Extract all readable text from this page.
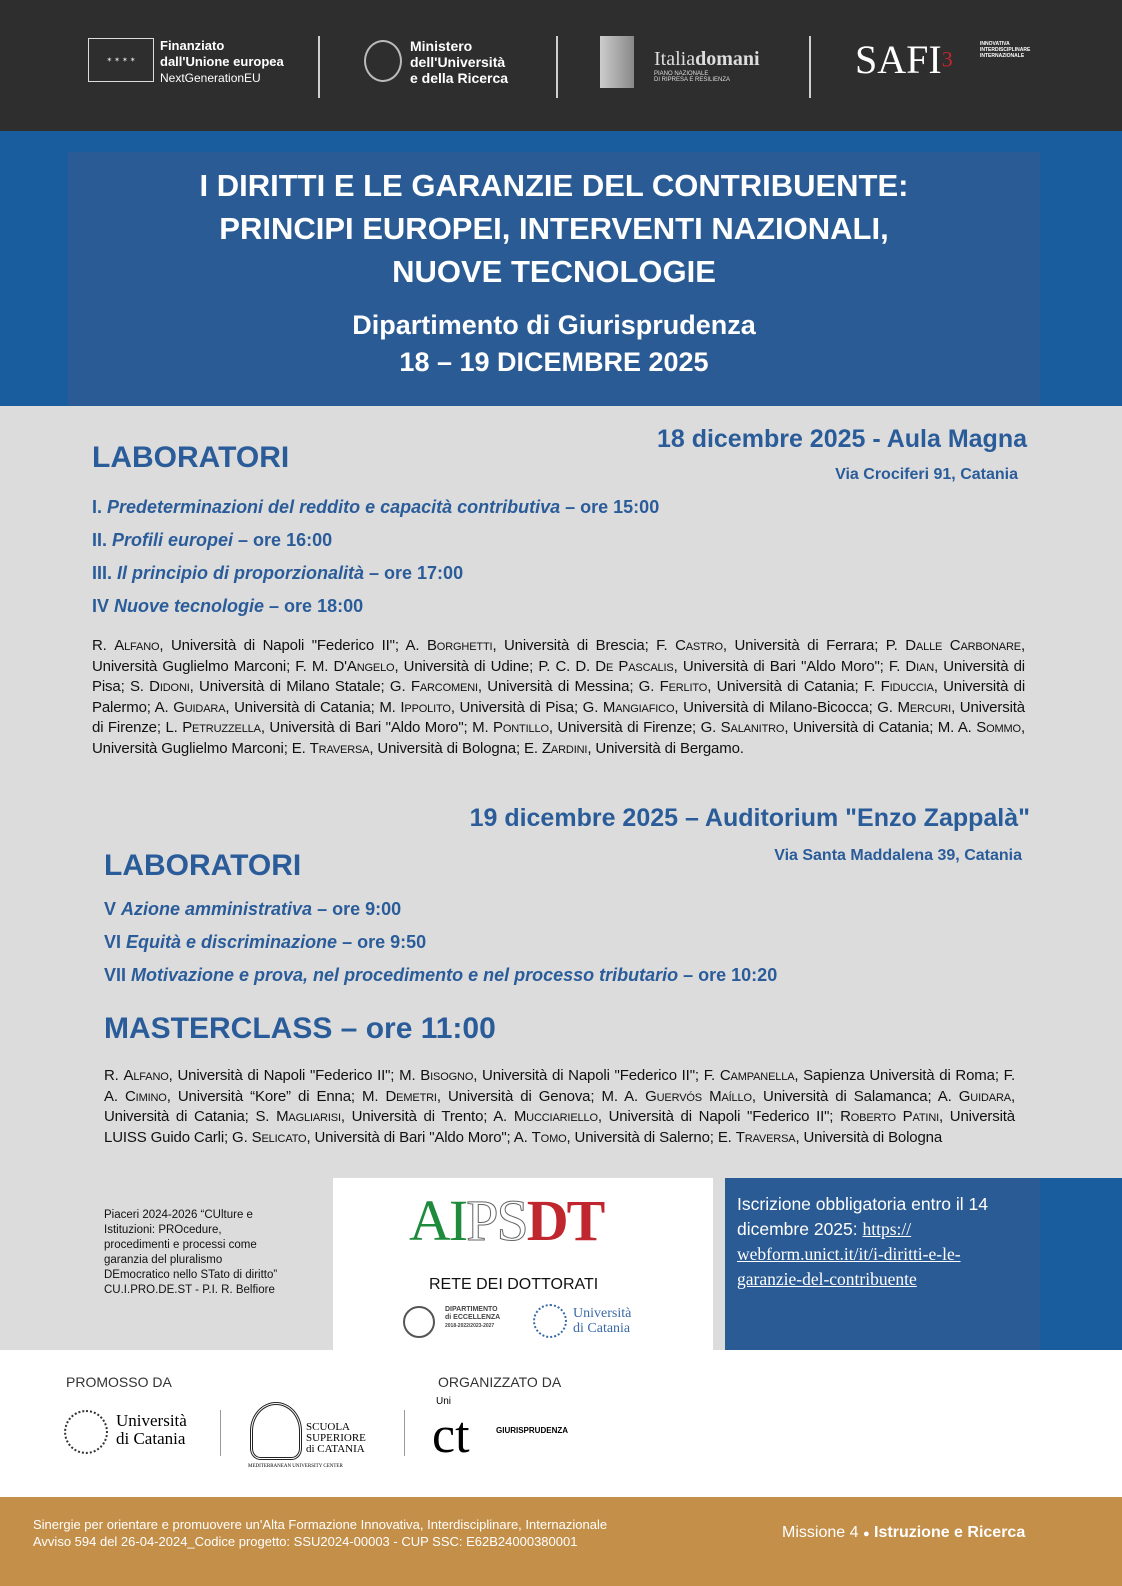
✶ ✶ ✶ ✶
Finanziato
dall'Unione europea
NextGenerationEU
Ministero
dell'Università
e della Ricerca
Italiadomani
PIANO NAZIONALE
DI RIPRESA E RESILIENZA	SAFI$^3$
INNOVATIVA
INTERDISCIPLINARE
INTERNAZIONALE
I DIRITTI E LE GARANZIE DEL CONTRIBUENTE:
PRINCIPI EUROPEI, INTERVENTI NAZIONALI,
NUOVE TECNOLOGIE
Dipartimento di Giurisprudenza
18 – 19 DICEMBRE 2025
18 dicembre 2025 - Aula Magna
Via Crociferi 91, Catania
LABORATORI
I. Predeterminazioni del reddito e capacità contributiva – ore 15:00
II. Profili europei – ore 16:00
III. Il principio di proporzionalità – ore 17:00
IV Nuove tecnologie – ore 18:00
R. Alfano, Università di Napoli "Federico II"; A. Borghetti, Università di Brescia; F. Castro, Università di Ferrara; P. Dalle Carbonare, Università Guglielmo Marconi; F. M. D'Angelo, Università di Udine; P. C. D. De Pascalis, Università di Bari "Aldo Moro"; F. Dian, Università di Pisa; S. Didoni, Università di Milano Statale; G. Farcomeni, Università di Messina; G. Ferlito, Università di Catania; F. Fiduccia, Università di Palermo; A. Guidara, Università di Catania; M. Ippolito, Università di Pisa; G. Mangiafico, Università di Milano-Bicocca; G. Mercuri, Università di Firenze; L. Petruzzella, Università di Bari "Aldo Moro"; M. Pontillo, Università di Firenze; G. Salanitro, Università di Catania; M. A. Sommo, Università Guglielmo Marconi; E. Traversa, Università di Bologna; E. Zardini, Università di Bergamo.
19 dicembre 2025 – Auditorium "Enzo Zappalà"
Via Santa Maddalena 39, Catania
LABORATORI
V Azione amministrativa – ore 9:00
VI Equità e discriminazione – ore 9:50
VII Motivazione e prova, nel procedimento e nel processo tributario – ore 10:20
MASTERCLASS – ore 11:00
R. Alfano, Università di Napoli "Federico II"; M. Bisogno, Università di Napoli "Federico II"; F. Campanella, Sapienza Università di Roma; F. A. Cimino, Università “Kore” di Enna; M. Demetri, Università di Genova; M. A. Guervós Maíllo, Università di Salamanca; A. Guidara, Università di Catania; S. Magliarisi, Università di Trento; A. Mucciariello, Università di Napoli "Federico II"; Roberto Patini, Università LUISS Guido Carli; G. Selicato, Università di Bari "Aldo Moro"; A. Tomo, Università di Salerno; E. Traversa, Università di Bologna
Piaceri 2024-2026 “CUlture e
Istituzioni: PROcedure,
procedimenti e processi come
garanzia del pluralismo
DEmocratico nello STato di diritto”
CU.I.PRO.DE.ST - P.I. R. Belfiore
AIPSDT
RETE DEI DOTTORATI
DIPARTIMENTO
di ECCELLENZA
2018-2022/2023-2027
Università
di Catania
Iscrizione obbligatoria entro il 14
dicembre 2025: https://
webform.unict.it/it/i-diritti-e-le-
garanzie-del-contribuente
PROMOSSO DA	ORGANIZZATO DA
Università
di Catania
SCUOLA
SUPERIORE
di CATANIA
MEDITERRANEAN UNIVERSITY CENTER
Uni
ct	GIURISPRUDENZA
Sinergie per orientare e promuovere un'Alta Formazione Innovativa, Interdisciplinare, Internazionale
Avviso 594 del 26-04-2024_Codice progetto: SSU2024-00003 - CUP SSC: E62B24000380001
Missione 4 ● Istruzione e Ricerca
